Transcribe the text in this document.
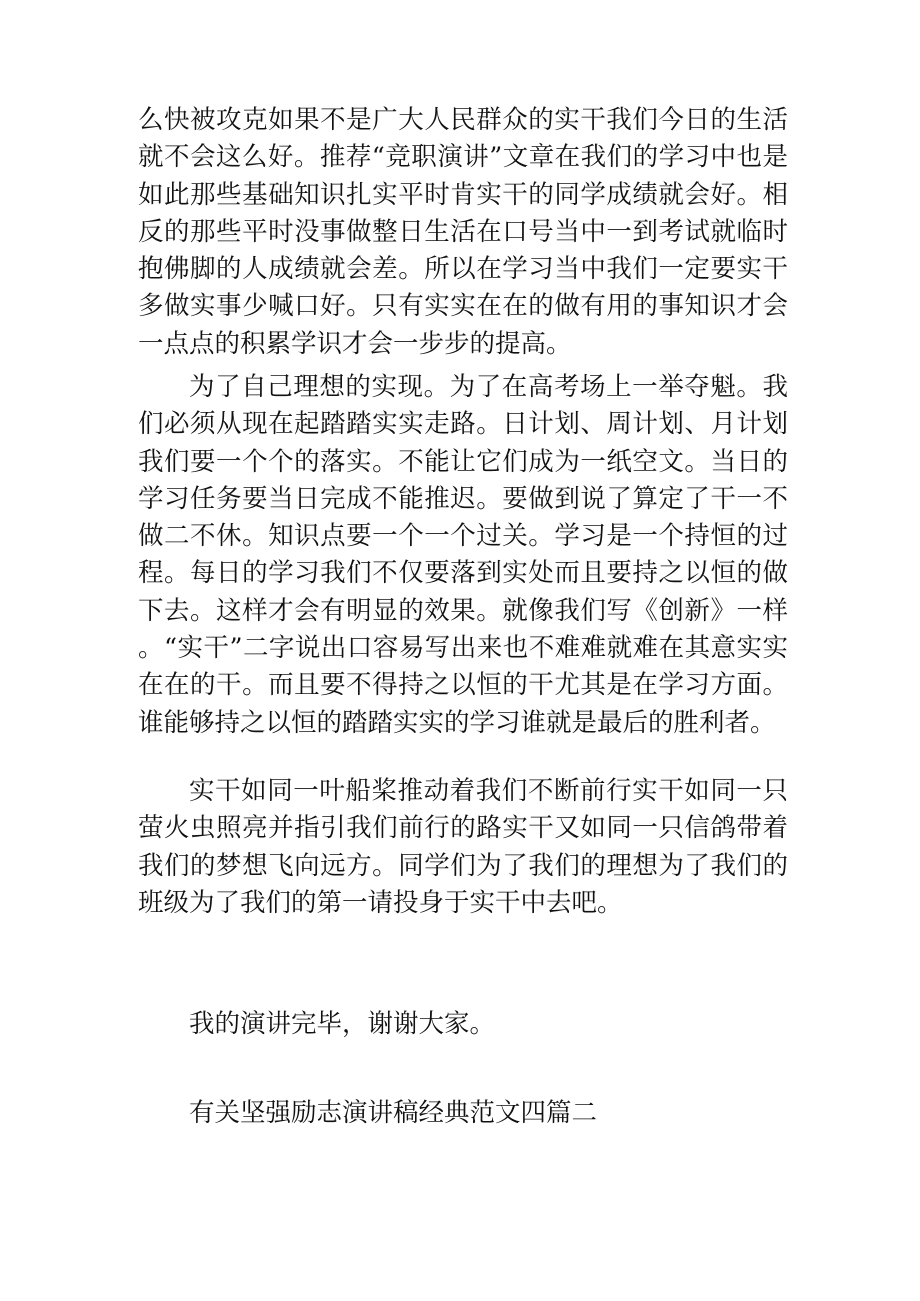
么快被攻克如果不是广大人民群众的实干我们今日的生活就不会这么好。推荐“竞职演讲”文章在我们的学习中也是如此那些基础知识扎实平时肯实干的同学成绩就会好。相反的那些平时没事做整日生活在口号当中一到考试就临时抱佛脚的人成绩就会差。所以在学习当中我们一定要实干多做实事少喊口好。只有实实在在的做有用的事知识才会一点点的积累学识才会一步步的提高。

为了自己理想的实现。为了在高考场上一举夺魁。我们必须从现在起踏踏实实走路。日计划、周计划、月计划我们要一个个的落实。不能让它们成为一纸空文。当日的学习任务要当日完成不能推迟。要做到说了算定了干一不做二不休。知识点要一个一个过关。学习是一个持恒的过程。每日的学习我们不仅要落到实处而且要持之以恒的做下去。这样才会有明显的效果。就像我们写《创新》一样。“实干”二字说出口容易写出来也不难难就难在其意实实在在的干。而且要不得持之以恒的干尤其是在学习方面。谁能够持之以恒的踏踏实实的学习谁就是最后的胜利者。

实干如同一叶船桨推动着我们不断前行实干如同一只萤火虫照亮并指引我们前行的路实干又如同一只信鸽带着我们的梦想飞向远方。同学们为了我们的理想为了我们的班级为了我们的第一请投身于实干中去吧。

我的演讲完毕，谢谢大家。

有关坚强励志演讲稿经典范文四篇二
